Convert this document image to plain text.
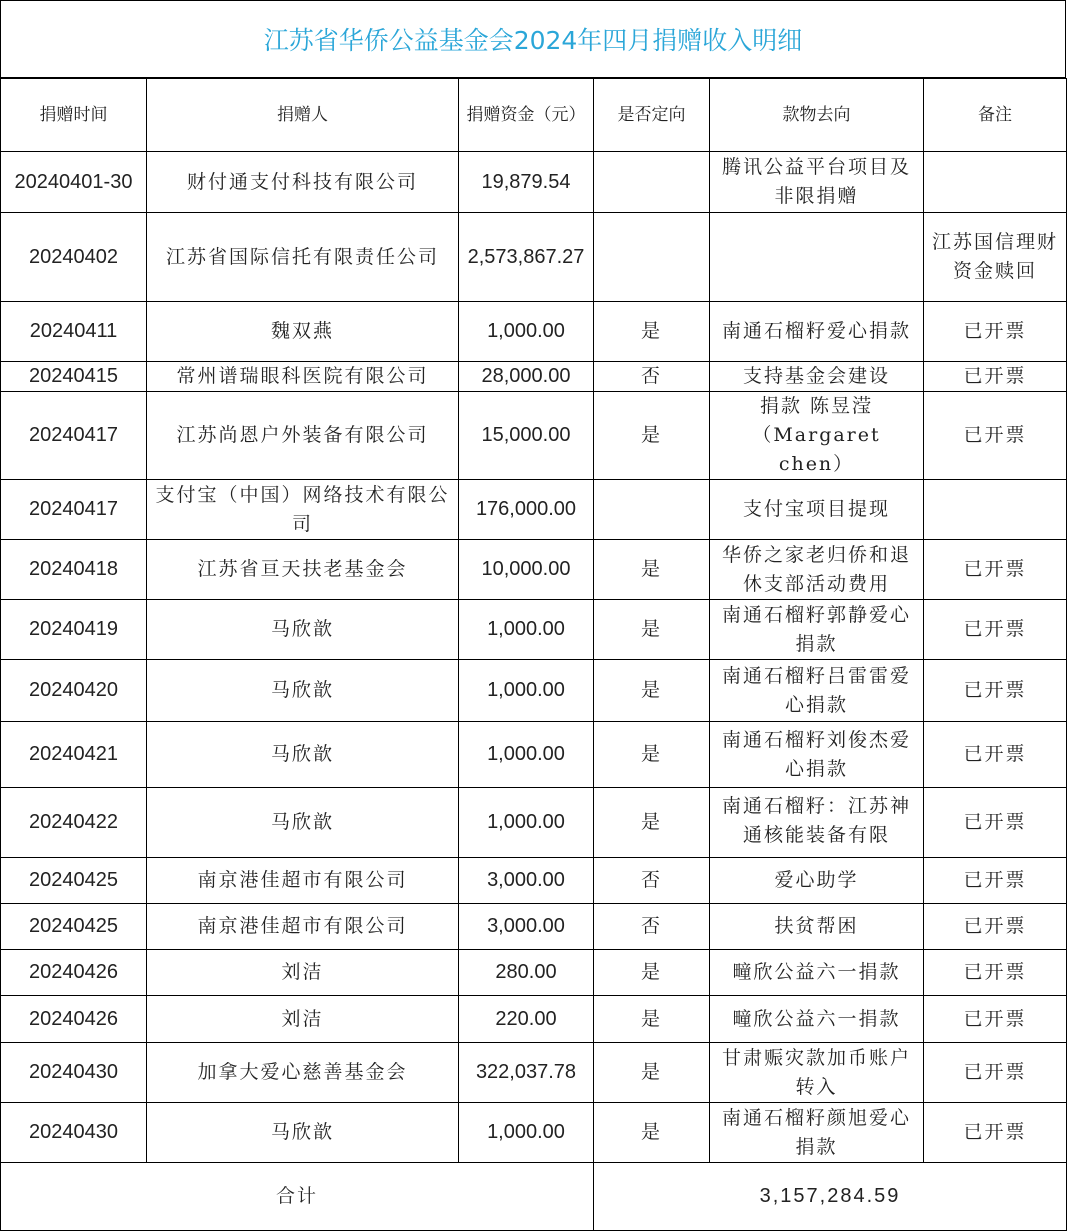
江苏省华侨公益基金会2024年四月捐赠收入明细
捐赠时间	捐赠人	捐赠资金（元）	是否定向	款物去向	备注
20240401-30	财付通支付科技有限公司	19,879.54		腾讯公益平台项目及非限捐赠	
20240402	江苏省国际信托有限责任公司	2,573,867.27			江苏国信理财
资金赎回
20240411	魏双燕	1,000.00	是	南通石榴籽爱心捐款	已开票
20240415	常州谱瑞眼科医院有限公司	28,000.00	否	支持基金会建设	已开票
20240417	江苏尚恩户外装备有限公司	15,000.00	是	捐款 陈昱滢（Margaret chen）	已开票
20240417	支付宝（中国）网络技术有限公司	176,000.00		支付宝项目提现	
20240418	江苏省亘天扶老基金会	10,000.00	是	华侨之家老归侨和退休支部活动费用	已开票
20240419	马欣歆	1,000.00	是	南通石榴籽郭静爱心捐款	已开票
20240420	马欣歆	1,000.00	是	南通石榴籽吕雷雷爱心捐款	已开票
20240421	马欣歆	1,000.00	是	南通石榴籽刘俊杰爱心捐款	已开票
20240422	马欣歆	1,000.00	是	南通石榴籽：江苏神通核能装备有限	已开票
20240425	南京港佳超市有限公司	3,000.00	否	爱心助学	已开票
20240425	南京港佳超市有限公司	3,000.00	否	扶贫帮困	已开票
20240426	刘洁	280.00	是	疃欣公益六一捐款	已开票
20240426	刘洁	220.00	是	疃欣公益六一捐款	已开票
20240430	加拿大爱心慈善基金会	322,037.78	是	甘肃赈灾款加币账户转入	已开票
20240430	马欣歆	1,000.00	是	南通石榴籽颜旭爱心捐款	已开票
合计			3,157,284.59		
